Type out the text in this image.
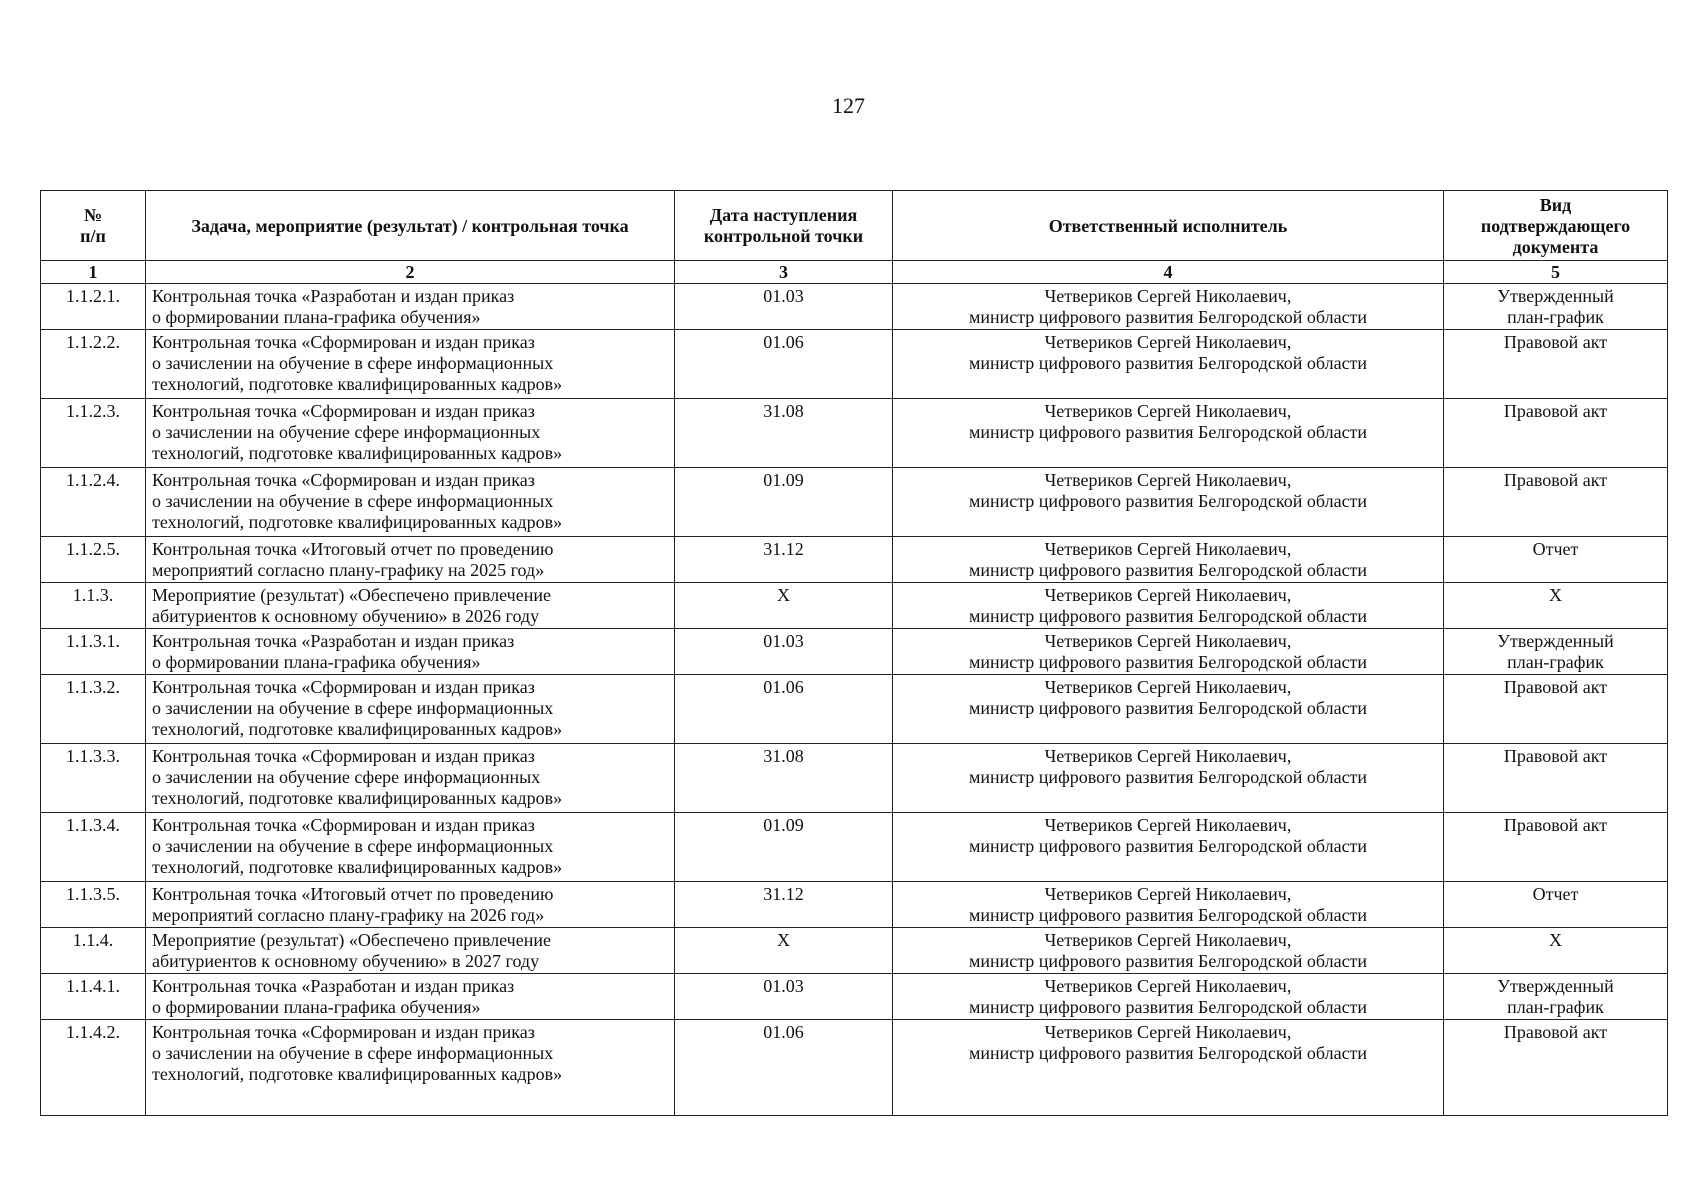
127
№
п/п	Задача, мероприятие (результат) / контрольная точка	Дата наступления
контрольной точки	Ответственный исполнитель	Вид
подтверждающего
документа

1	2	3	4	5

1.1.2.1.	Контрольная точка «Разработан и издан приказ
о формировании плана-графика обучения»	01.03	Четвериков Сергей Николаевич,
министр цифрового развития Белгородской области	Утвержденный
план-график

1.1.2.2.	Контрольная точка «Сформирован и издан приказ
о зачислении на обучение в сфере информационных
технологий, подготовке квалифицированных кадров»	01.06	Четвериков Сергей Николаевич,
министр цифрового развития Белгородской области	Правовой акт

1.1.2.3.	Контрольная точка «Сформирован и издан приказ
о зачислении на обучение сфере информационных
технологий, подготовке квалифицированных кадров»	31.08	Четвериков Сергей Николаевич,
министр цифрового развития Белгородской области	Правовой акт

1.1.2.4.	Контрольная точка «Сформирован и издан приказ
о зачислении на обучение в сфере информационных
технологий, подготовке квалифицированных кадров»	01.09	Четвериков Сергей Николаевич,
министр цифрового развития Белгородской области	Правовой акт

1.1.2.5.	Контрольная точка «Итоговый отчет по проведению
мероприятий согласно плану-графику на 2025 год»	31.12	Четвериков Сергей Николаевич,
министр цифрового развития Белгородской области	Отчет

1.1.3.	Мероприятие (результат) «Обеспечено привлечение
абитуриентов к основному обучению» в 2026 году	X	Четвериков Сергей Николаевич,
министр цифрового развития Белгородской области	X

1.1.3.1.	Контрольная точка «Разработан и издан приказ
о формировании плана-графика обучения»	01.03	Четвериков Сергей Николаевич,
министр цифрового развития Белгородской области	Утвержденный
план-график

1.1.3.2.	Контрольная точка «Сформирован и издан приказ
о зачислении на обучение в сфере информационных
технологий, подготовке квалифицированных кадров»	01.06	Четвериков Сергей Николаевич,
министр цифрового развития Белгородской области	Правовой акт

1.1.3.3.	Контрольная точка «Сформирован и издан приказ
о зачислении на обучение сфере информационных
технологий, подготовке квалифицированных кадров»	31.08	Четвериков Сергей Николаевич,
министр цифрового развития Белгородской области	Правовой акт

1.1.3.4.	Контрольная точка «Сформирован и издан приказ
о зачислении на обучение в сфере информационных
технологий, подготовке квалифицированных кадров»	01.09	Четвериков Сергей Николаевич,
министр цифрового развития Белгородской области	Правовой акт

1.1.3.5.	Контрольная точка «Итоговый отчет по проведению
мероприятий согласно плану-графику на 2026 год»	31.12	Четвериков Сергей Николаевич,
министр цифрового развития Белгородской области	Отчет

1.1.4.	Мероприятие (результат) «Обеспечено привлечение
абитуриентов к основному обучению» в 2027 году	X	Четвериков Сергей Николаевич,
министр цифрового развития Белгородской области	X

1.1.4.1.	Контрольная точка «Разработан и издан приказ
о формировании плана-графика обучения»	01.03	Четвериков Сергей Николаевич,
министр цифрового развития Белгородской области	Утвержденный
план-график

1.1.4.2.	Контрольная точка «Сформирован и издан приказ
о зачислении на обучение в сфере информационных
технологий, подготовке квалифицированных кадров»	01.06	Четвериков Сергей Николаевич,
министр цифрового развития Белгородской области	Правовой акт
